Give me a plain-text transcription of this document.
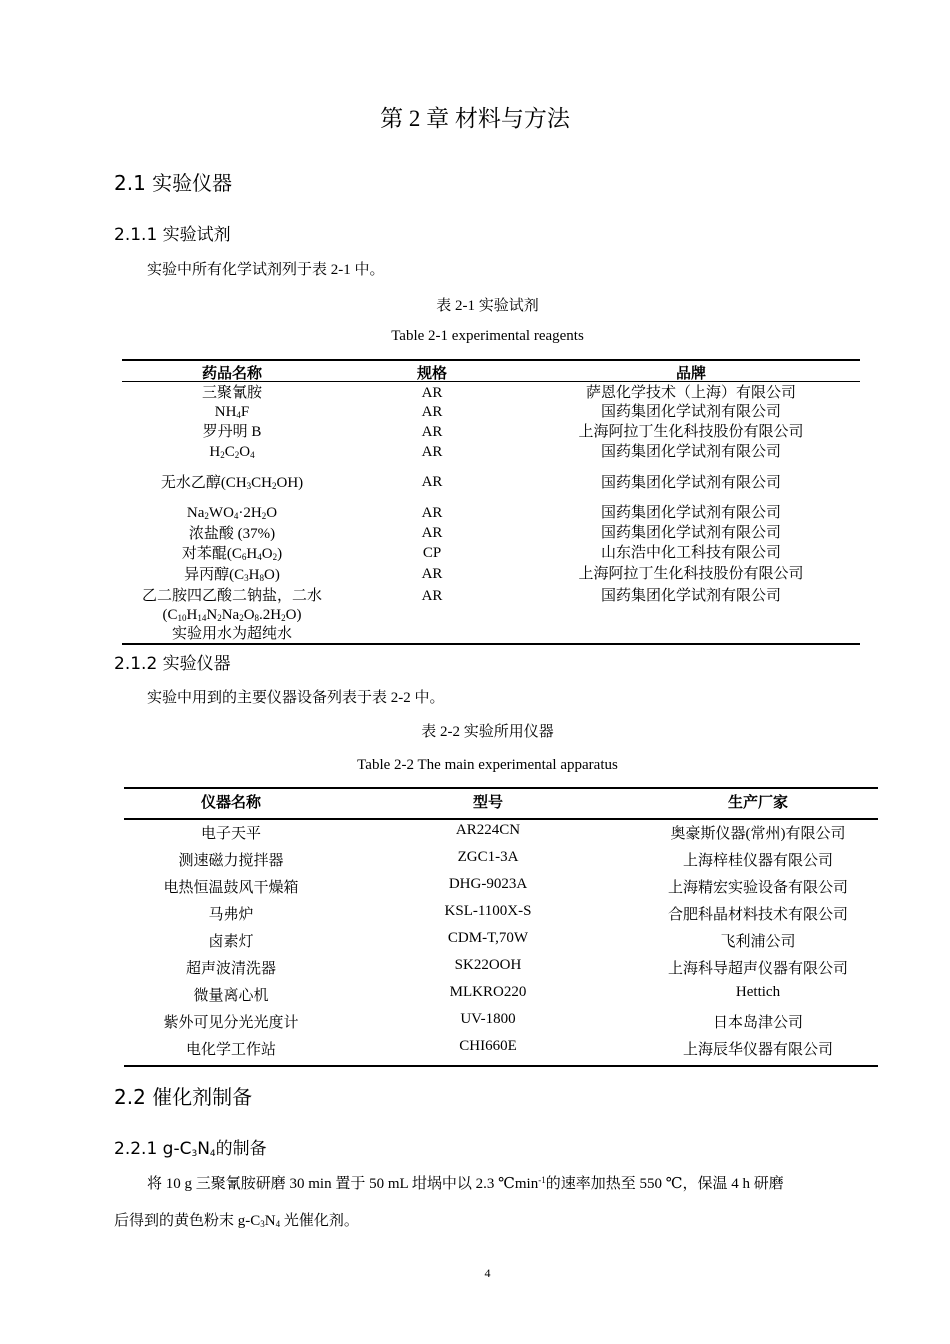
第 2 章 材料与方法
2.1 实验仪器
2.1.1 实验试剂
实验中所有化学试剂列于表 2-1 中。
表 2-1 实验试剂
Table 2-1 experimental reagents
药品名称	规格	品牌
三聚氰胺	AR	萨恩化学技术（上海）有限公司
$NH_4F$	AR	国药集团化学试剂有限公司
罗丹明 B	AR	上海阿拉丁生化科技股份有限公司
$H_2C_2O_4$	AR	国药集团化学试剂有限公司
无水乙醇$(CH_3CH_2OH)$	AR	国药集团化学试剂有限公司
$Na_2WO_4\cdot 2H_2O$	AR	国药集团化学试剂有限公司
浓盐酸 (37%)	AR	国药集团化学试剂有限公司
对苯醌$(C_6H_4O_2)$	CP	山东浩中化工科技有限公司
异丙醇$(C_3H_8O)$	AR	上海阿拉丁生化科技股份有限公司
乙二胺四乙酸二钠盐，二水
$(C_{10}H_{14}N_2Na_2O_8.2H_2O)$
实验用水为超纯水
AR	国药集团化学试剂有限公司
2.1.2 实验仪器
实验中用到的主要仪器设备列表于表 2-2 中。
表 2-2 实验所用仪器
Table 2-2 The main experimental apparatus
仪器名称	型号	生产厂家
电子天平	AR224CN	奥豪斯仪器(常州)有限公司
测速磁力搅拌器	ZGC1-3A	上海梓桂仪器有限公司
电热恒温鼓风干燥箱	DHG-9023A	上海精宏实验设备有限公司
马弗炉	KSL-1100X-S	合肥科晶材料技术有限公司
卤素灯	CDM-T,70W	飞利浦公司
超声波清洗器	SK22OOH	上海科导超声仪器有限公司
微量离心机	MLKRO220	Hettich
紫外可见分光光度计	UV-1800	日本岛津公司
电化学工作站	CHI660E	上海辰华仪器有限公司
2.2 催化剂制备
2.2.1 $g-C_3N_4$的制备
将 10 g 三聚氰胺研磨 30 min 置于 50 mL 坩埚中以 2.3 $℃\min^{-1}$的速率加热至 550 ℃，保温 4 h 研磨
后得到的黄色粉末 $g-C_3N_4$ 光催化剂。
4
